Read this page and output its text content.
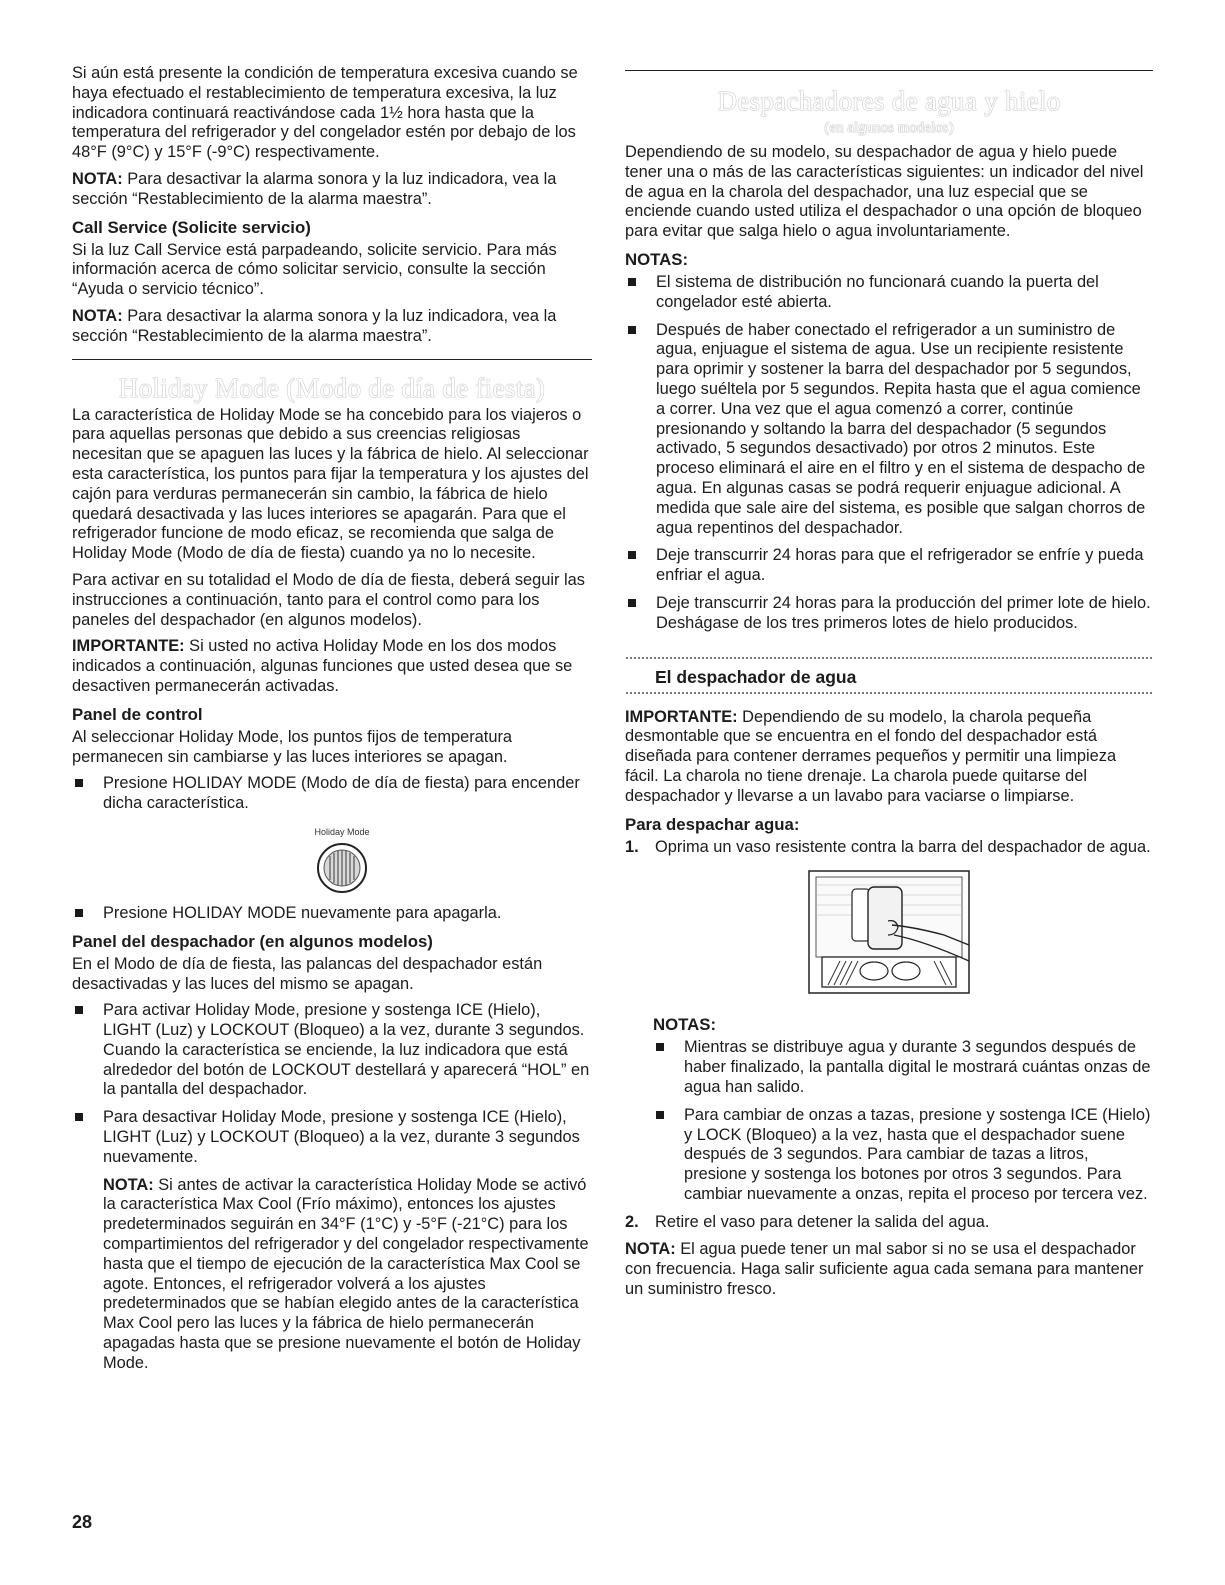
Si aún está presente la condición de temperatura excesiva cuando se haya efectuado el restablecimiento de temperatura excesiva, la luz indicadora continuará reactivándose cada 1½ hora hasta que la temperatura del refrigerador y del congelador estén por debajo de los 48°F (9°C) y 15°F (-9°C) respectivamente.

NOTA: Para desactivar la alarma sonora y la luz indicadora, vea la sección “Restablecimiento de la alarma maestra”.

Call Service (Solicite servicio)

Si la luz Call Service está parpadeando, solicite servicio. Para más información acerca de cómo solicitar servicio, consulte la sección “Ayuda o servicio técnico”.

NOTA: Para desactivar la alarma sonora y la luz indicadora, vea la sección “Restablecimiento de la alarma maestra”.

Holiday Mode (Modo de día de fiesta)

La característica de Holiday Mode se ha concebido para los viajeros o para aquellas personas que debido a sus creencias religiosas necesitan que se apaguen las luces y la fábrica de hielo. Al seleccionar esta característica, los puntos para fijar la temperatura y los ajustes del cajón para verduras permanecerán sin cambio, la fábrica de hielo quedará desactivada y las luces interiores se apagarán. Para que el refrigerador funcione de modo eficaz, se recomienda que salga de Holiday Mode (Modo de día de fiesta) cuando ya no lo necesite.

Para activar en su totalidad el Modo de día de fiesta, deberá seguir las instrucciones a continuación, tanto para el control como para los paneles del despachador (en algunos modelos).

IMPORTANTE: Si usted no activa Holiday Mode en los dos modos indicados a continuación, algunas funciones que usted desea que se desactiven permanecerán activadas.

Panel de control

Al seleccionar Holiday Mode, los puntos fijos de temperatura permanecen sin cambiarse y las luces interiores se apagan.

Presione HOLIDAY MODE (Modo de día de fiesta) para encender dicha característica.
Holiday Mode
Presione HOLIDAY MODE nuevamente para apagarla.
Panel del despachador (en algunos modelos)

En el Modo de día de fiesta, las palancas del despachador están desactivadas y las luces del mismo se apagan.

Para activar Holiday Mode, presione y sostenga ICE (Hielo), LIGHT (Luz) y LOCKOUT (Bloqueo) a la vez, durante 3 segundos. Cuando la característica se enciende, la luz indicadora que está alrededor del botón de LOCKOUT destellará y aparecerá “HOL” en la pantalla del despachador.
Para desactivar Holiday Mode, presione y sostenga ICE (Hielo), LIGHT (Luz) y LOCKOUT (Bloqueo) a la vez, durante 3 segundos nuevamente.

NOTA: Si antes de activar la característica Holiday Mode se activó la característica Max Cool (Frío máximo), entonces los ajustes predeterminados seguirán en 34°F (1°C) y -5°F (-21°C) para los compartimientos del refrigerador y del congelador respectivamente hasta que el tiempo de ejecución de la característica Max Cool se agote. Entonces, el refrigerador volverá a los ajustes predeterminados que se habían elegido antes de la característica Max Cool pero las luces y la fábrica de hielo permanecerán apagadas hasta que se presione nuevamente el botón de Holiday Mode.

Despachadores de agua y hielo
(en algunos modelos)

Dependiendo de su modelo, su despachador de agua y hielo puede tener una o más de las características siguientes: un indicador del nivel de agua en la charola del despachador, una luz especial que se enciende cuando usted utiliza el despachador o una opción de bloqueo para evitar que salga hielo o agua involuntariamente.

NOTAS:
El sistema de distribución no funcionará cuando la puerta del congelador esté abierta.
Después de haber conectado el refrigerador a un suministro de agua, enjuague el sistema de agua. Use un recipiente resistente para oprimir y sostener la barra del despachador por 5 segundos, luego suéltela por 5 segundos. Repita hasta que el agua comience a correr. Una vez que el agua comenzó a correr, continúe presionando y soltando la barra del despachador (5 segundos activado, 5 segundos desactivado) por otros 2 minutos. Este proceso eliminará el aire en el filtro y en el sistema de despacho de agua. En algunas casas se podrá requerir enjuague adicional. A medida que sale aire del sistema, es posible que salgan chorros de agua repentinos del despachador.
Deje transcurrir 24 horas para que el refrigerador se enfríe y pueda enfriar el agua.
Deje transcurrir 24 horas para la producción del primer lote de hielo. Deshágase de los tres primeros lotes de hielo producidos.
El despachador de agua

IMPORTANTE: Dependiendo de su modelo, la charola pequeña desmontable que se encuentra en el fondo del despachador está diseñada para contener derrames pequeños y permitir una limpieza fácil. La charola no tiene drenaje. La charola puede quitarse del despachador y llevarse a un lavabo para vaciarse o limpiarse.

Para despachar agua:
1. Oprima un vaso resistente contra la barra del despachador de agua.
NOTAS:
Mientras se distribuye agua y durante 3 segundos después de haber finalizado, la pantalla digital le mostrará cuántas onzas de agua han salido.
Para cambiar de onzas a tazas, presione y sostenga ICE (Hielo) y LOCK (Bloqueo) a la vez, hasta que el despachador suene después de 3 segundos. Para cambiar de tazas a litros, presione y sostenga los botones por otros 3 segundos. Para cambiar nuevamente a onzas, repita el proceso por tercera vez.
2. Retire el vaso para detener la salida del agua.

NOTA: El agua puede tener un mal sabor si no se usa el despachador con frecuencia. Haga salir suficiente agua cada semana para mantener un suministro fresco.

28
